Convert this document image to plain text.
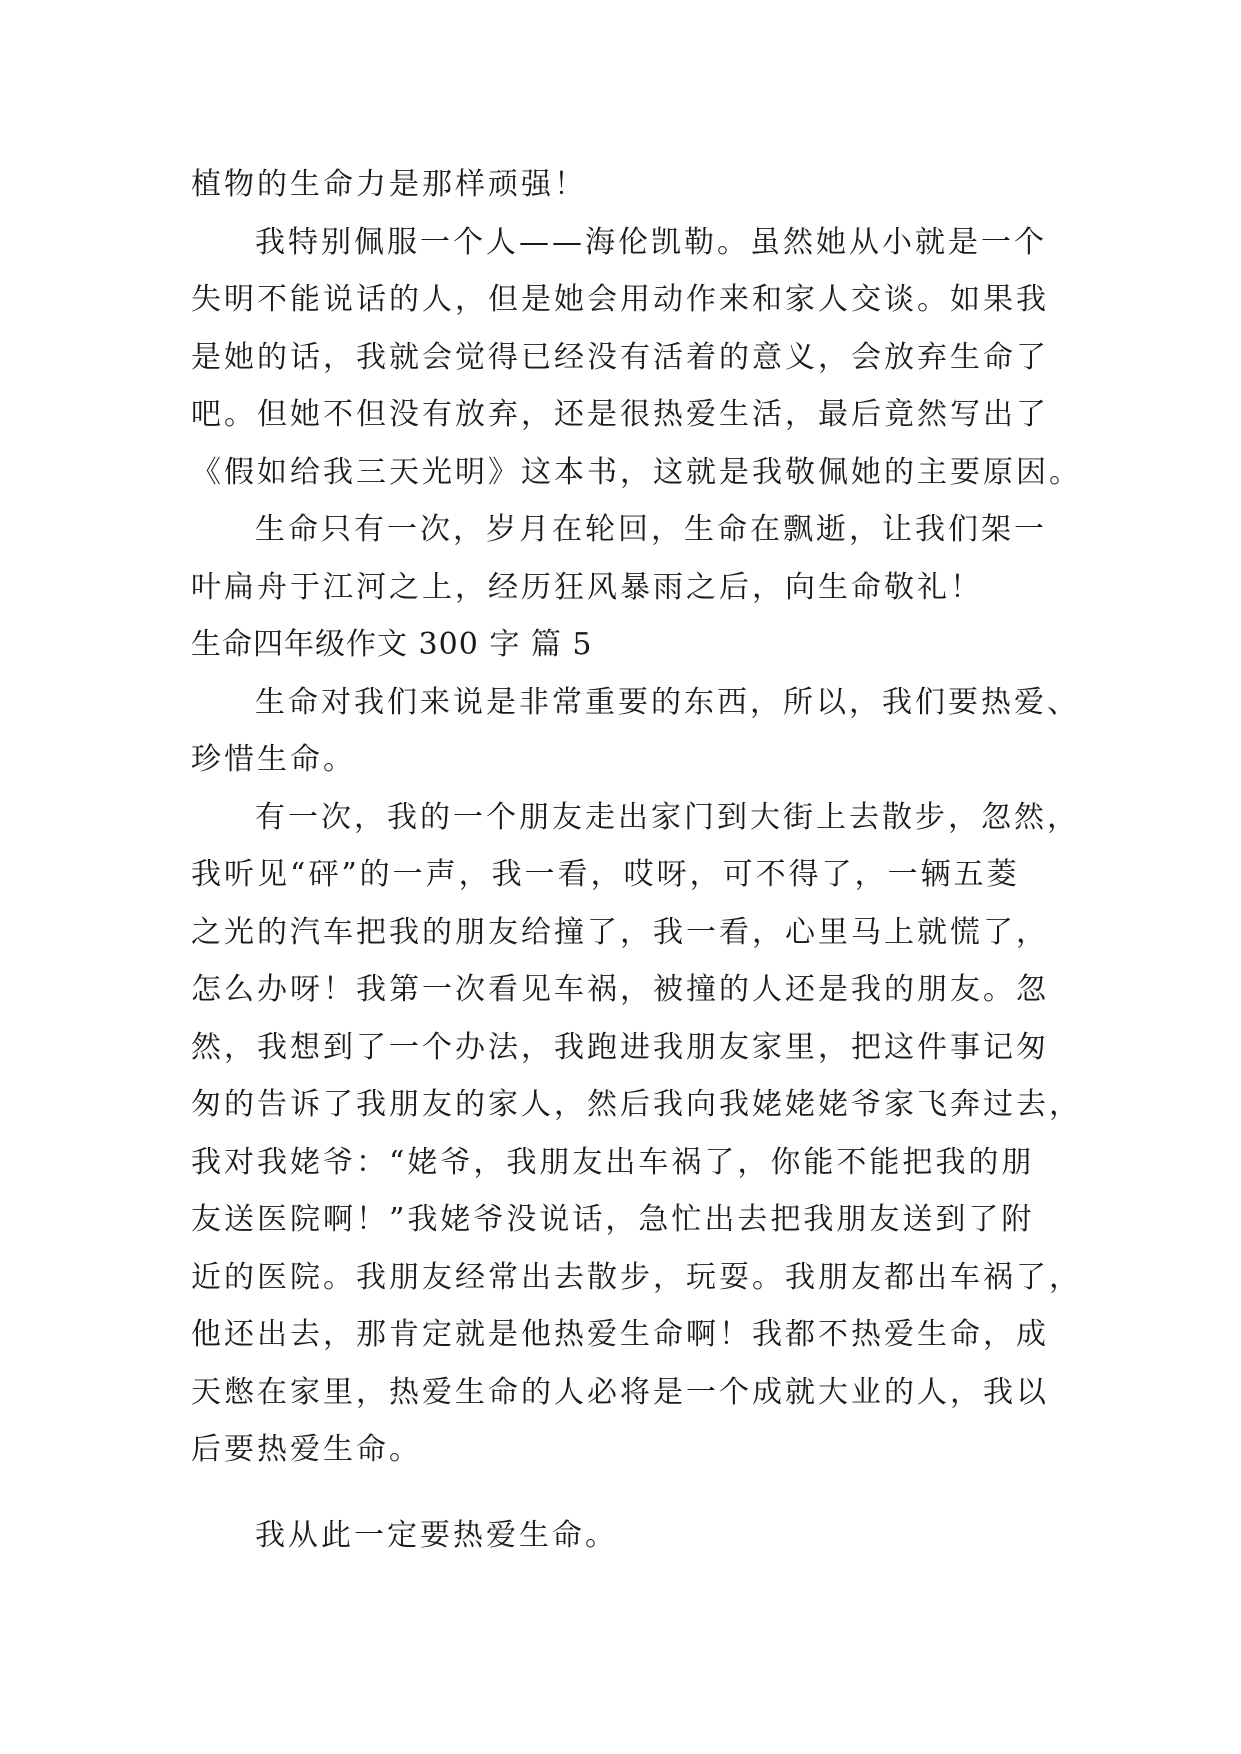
植物的生命力是那样顽强！
我特别佩服一个人——海伦凯勒。虽然她从小就是一个
失明不能说话的人，但是她会用动作来和家人交谈。如果我
是她的话，我就会觉得已经没有活着的意义，会放弃生命了
吧。但她不但没有放弃，还是很热爱生活，最后竟然写出了
《假如给我三天光明》这本书，这就是我敬佩她的主要原因。
生命只有一次，岁月在轮回，生命在飘逝，让我们架一
叶扁舟于江河之上，经历狂风暴雨之后，向生命敬礼！
生命四年级作文 300 字 篇 5
生命对我们来说是非常重要的东西，所以，我们要热爱、
珍惜生命。
有一次，我的一个朋友走出家门到大街上去散步，忽然，
我听见“砰”的一声，我一看，哎呀，可不得了，一辆五菱
之光的汽车把我的朋友给撞了，我一看，心里马上就慌了，
怎么办呀！我第一次看见车祸，被撞的人还是我的朋友。忽
然，我想到了一个办法，我跑进我朋友家里，把这件事记匆
匆的告诉了我朋友的家人，然后我向我姥姥姥爷家飞奔过去，
我对我姥爷：“姥爷，我朋友出车祸了，你能不能把我的朋
友送医院啊！”我姥爷没说话，急忙出去把我朋友送到了附
近的医院。我朋友经常出去散步，玩耍。我朋友都出车祸了，
他还出去，那肯定就是他热爱生命啊！我都不热爱生命，成
天憋在家里，热爱生命的人必将是一个成就大业的人，我以
后要热爱生命。
我从此一定要热爱生命。
